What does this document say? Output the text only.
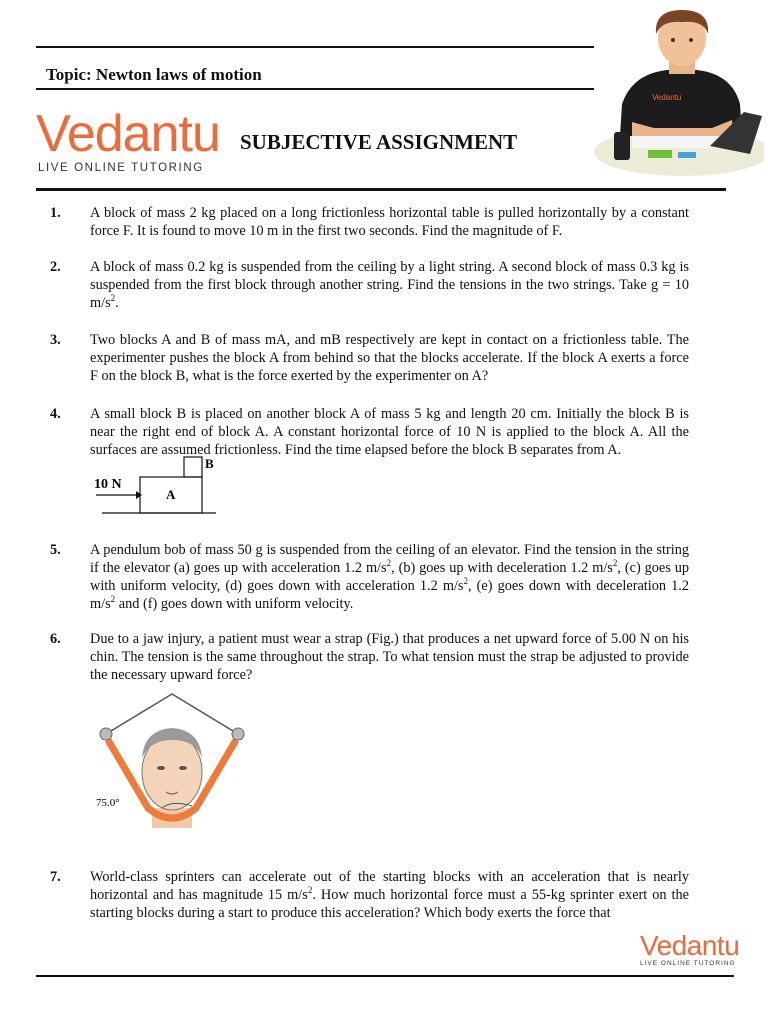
Topic: Newton laws of motion
Vedantu
LIVE ONLINE TUTORING
SUBJECTIVE ASSIGNMENT
Vedantu
1. A block of mass 2 kg placed on a long frictionless horizontal table is pulled horizontally by a constant force F. It is found to move 10 m in the first two seconds. Find the magnitude of F.
2. A block of mass 0.2 kg is suspended from the ceiling by a light string. A second block of mass 0.3 kg is suspended from the first block through another string. Find the tensions in the two strings. Take g = 10 $m/s^2$.
3. Two blocks A and B of mass mA, and mB respectively are kept in contact on a frictionless table. The experimenter pushes the block A from behind so that the blocks accelerate. If the block A exerts a force F on the block B, what is the force exerted by the experimenter on A?
4. A small block B is placed on another block A of mass 5 kg and length 20 cm. Initially the block B is near the right end of block A. A constant horizontal force of 10 N is applied to the block A. All the surfaces are assumed frictionless. Find the time elapsed before the block B separates from A.
10 N
A
B
5. A pendulum bob of mass 50 g is suspended from the ceiling of an elevator. Find the tension in the string if the elevator (a) goes up with acceleration 1.2 $m/s^2$, (b) goes up with deceleration 1.2 $m/s^2$, (c) goes up with uniform velocity, (d) goes down with acceleration 1.2 $m/s^2$, (e) goes down with deceleration 1.2 $m/s^2$ and (f) goes down with uniform velocity.
6. Due to a jaw injury, a patient must wear a strap (Fig.) that produces a net upward force of 5.00 N on his chin. The tension is the same throughout the strap. To what tension must the strap be adjusted to provide the necessary upward force?
75.0°
7. World-class sprinters can accelerate out of the starting blocks with an acceleration that is nearly horizontal and has magnitude 15 $m/s^2$. How much horizontal force must a 55-kg sprinter exert on the starting blocks during a start to produce this acceleration? Which body exerts the force that
Vedantu
LIVE ONLINE TUTORING
